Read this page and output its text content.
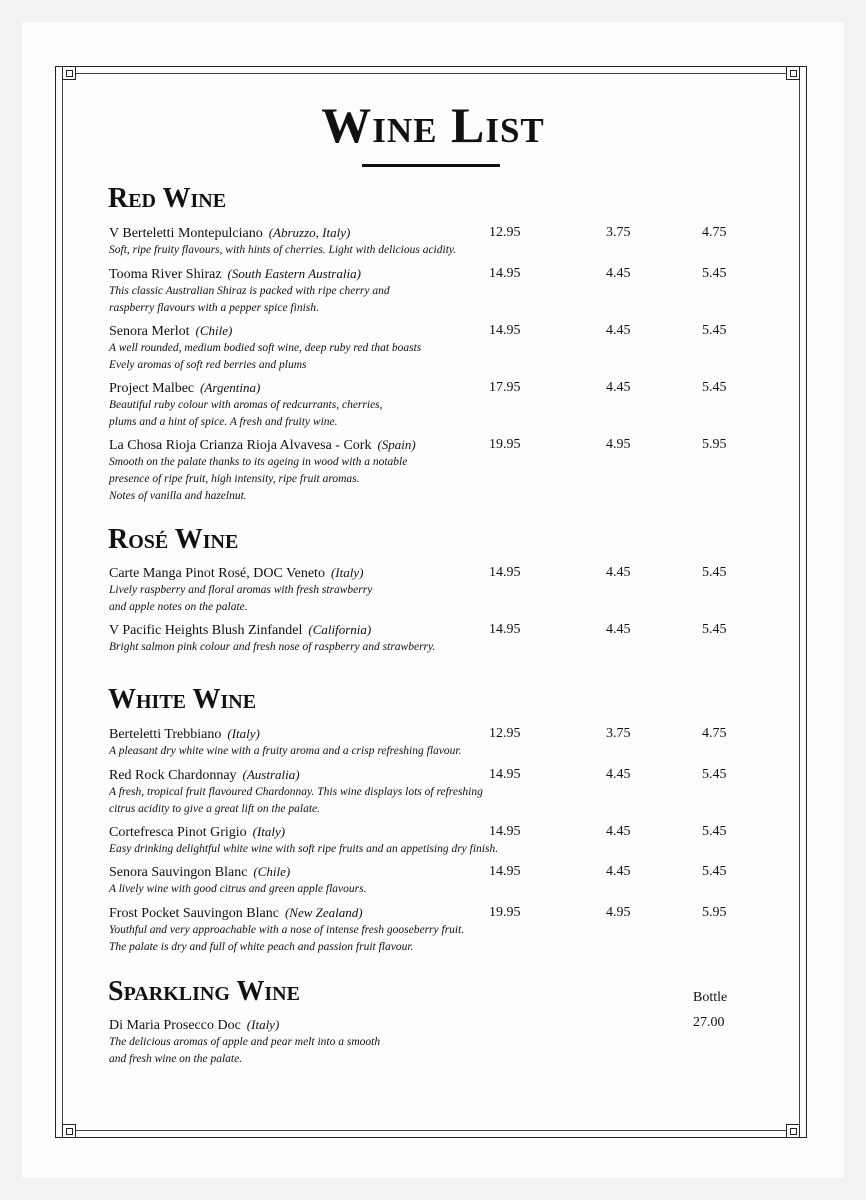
Wine List
Red Wine
V Berteletti Montepulciano (Abruzzo, Italy)
Soft, ripe fruity flavours, with hints of cherries. Light with delicious acidity.
12.95	3.75	4.75
Tooma River Shiraz (South Eastern Australia)
This classic Australian Shiraz is packed with ripe cherry and
raspberry flavours with a pepper spice finish.
14.95	4.45	5.45
Senora Merlot (Chile)
A well rounded, medium bodied soft wine, deep ruby red that boasts
Evely aromas of soft red berries and plums
14.95	4.45	5.45
Project Malbec (Argentina)
Beautiful ruby colour with aromas of redcurrants, cherries,
plums and a hint of spice. A fresh and fruity wine.
17.95	4.45	5.45
La Chosa Rioja Crianza Rioja Alvavesa - Cork (Spain)
Smooth on the palate thanks to its ageing in wood with a notable
presence of ripe fruit, high intensity, ripe fruit aromas.
Notes of vanilla and hazelnut.
19.95	4.95	5.95
Rosé Wine
Carte Manga Pinot Rosé, DOC Veneto (Italy)
Lively raspberry and floral aromas with fresh strawberry
and apple notes on the palate.
14.95	4.45	5.45
V Pacific Heights Blush Zinfandel (California)
Bright salmon pink colour and fresh nose of raspberry and strawberry.
14.95	4.45	5.45
White Wine
Berteletti Trebbiano (Italy)
A pleasant dry white wine with a fruity aroma and a crisp refreshing flavour.
12.95	3.75	4.75
Red Rock Chardonnay (Australia)
A fresh, tropical fruit flavoured Chardonnay. This wine displays lots of refreshing
citrus acidity to give a great lift on the palate.
14.95	4.45	5.45
Cortefresca Pinot Grigio (Italy)
Easy drinking delightful white wine with soft ripe fruits and an appetising dry finish.
14.95	4.45	5.45
Senora Sauvingon Blanc (Chile)
A lively wine with good citrus and green apple flavours.
14.95	4.45	5.45
Frost Pocket Sauvingon Blanc (New Zealand)
Youthful and very approachable with a nose of intense fresh gooseberry fruit.
The palate is dry and full of white peach and passion fruit flavour.
19.95	4.95	5.95
Sparkling Wine	Bottle
Di Maria Prosecco Doc (Italy)
The delicious aromas of apple and pear melt into a smooth
and fresh wine on the palate.
27.00
